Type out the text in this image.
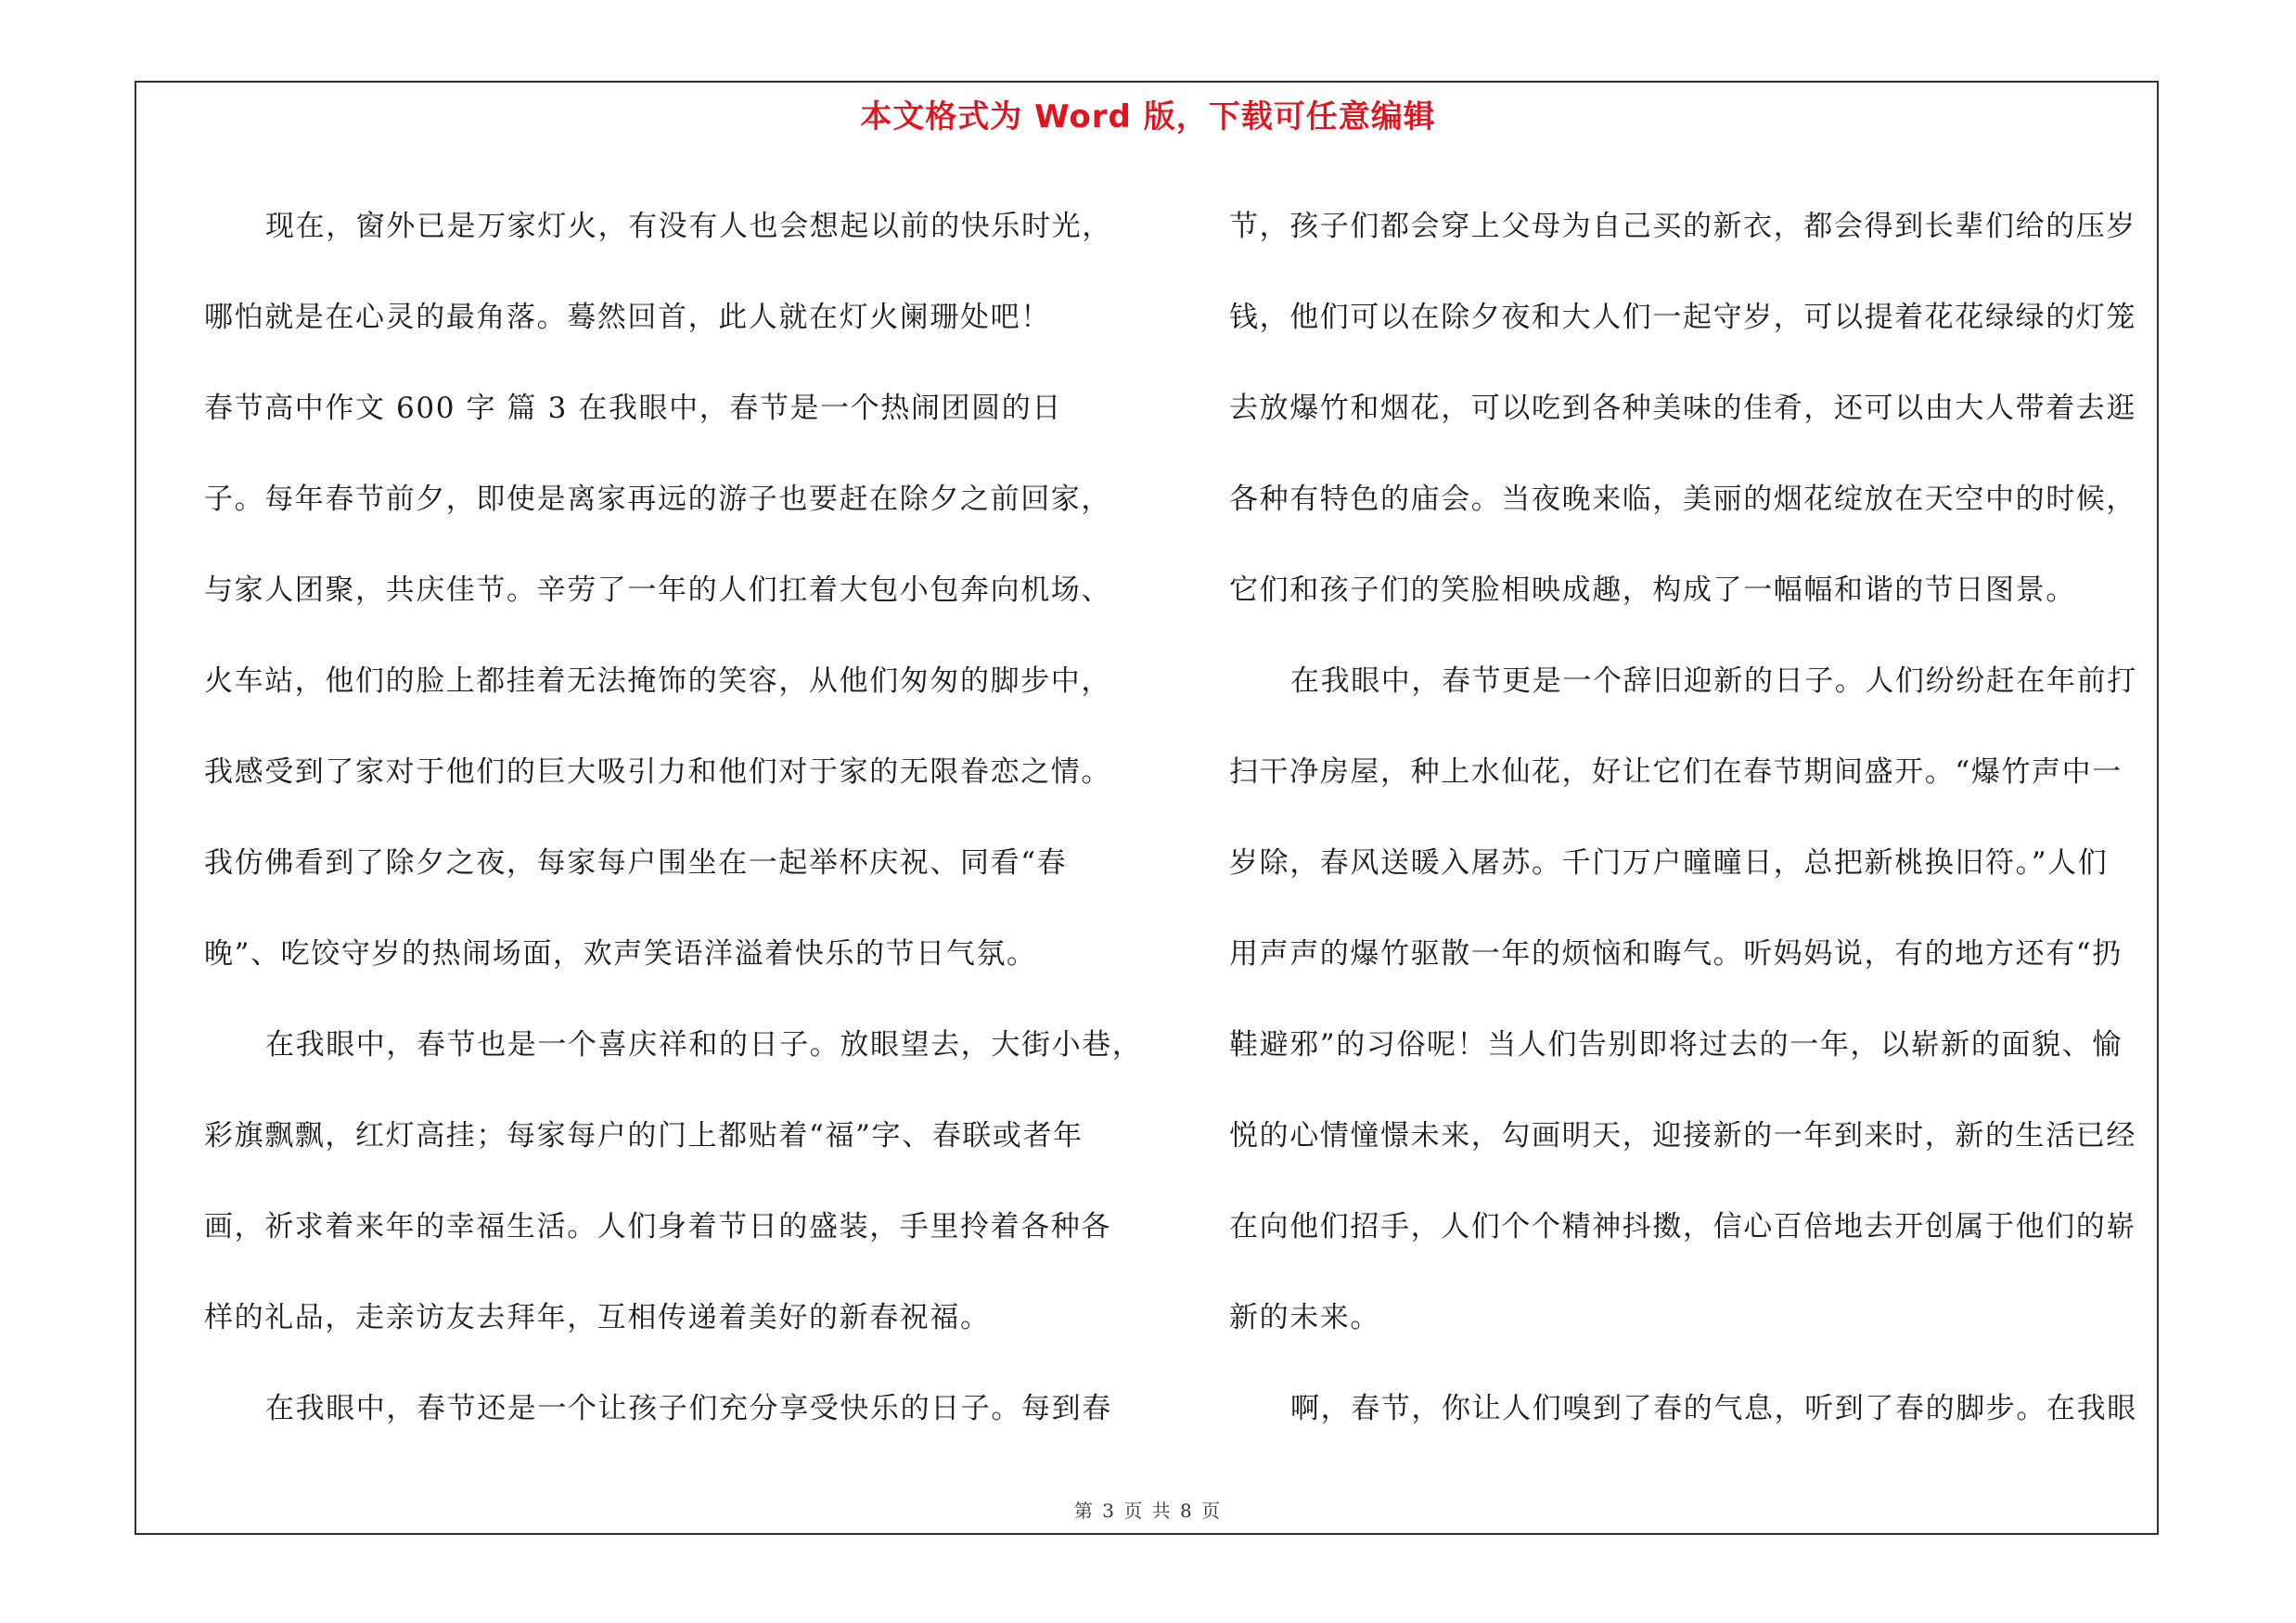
本文格式为 Word 版，下载可任意编辑
现在，窗外已是万家灯火，有没有人也会想起以前的快乐时光，
哪怕就是在心灵的最角落。蓦然回首，此人就在灯火阑珊处吧！
春节高中作文 600 字 篇 3 在我眼中，春节是一个热闹团圆的日
子。每年春节前夕，即使是离家再远的游子也要赶在除夕之前回家，
与家人团聚，共庆佳节。辛劳了一年的人们扛着大包小包奔向机场、
火车站，他们的脸上都挂着无法掩饰的笑容，从他们匆匆的脚步中，
我感受到了家对于他们的巨大吸引力和他们对于家的无限眷恋之情。
我仿佛看到了除夕之夜，每家每户围坐在一起举杯庆祝、同看“春
晚”、吃饺守岁的热闹场面，欢声笑语洋溢着快乐的节日气氛。
在我眼中，春节也是一个喜庆祥和的日子。放眼望去，大街小巷，
彩旗飘飘，红灯高挂；每家每户的门上都贴着“福”字、春联或者年
画，祈求着来年的幸福生活。人们身着节日的盛装，手里拎着各种各
样的礼品，走亲访友去拜年，互相传递着美好的新春祝福。
在我眼中，春节还是一个让孩子们充分享受快乐的日子。每到春
节，孩子们都会穿上父母为自己买的新衣，都会得到长辈们给的压岁
钱，他们可以在除夕夜和大人们一起守岁，可以提着花花绿绿的灯笼
去放爆竹和烟花，可以吃到各种美味的佳肴，还可以由大人带着去逛
各种有特色的庙会。当夜晚来临，美丽的烟花绽放在天空中的时候，
它们和孩子们的笑脸相映成趣，构成了一幅幅和谐的节日图景。
在我眼中，春节更是一个辞旧迎新的日子。人们纷纷赶在年前打
扫干净房屋，种上水仙花，好让它们在春节期间盛开。“爆竹声中一
岁除，春风送暖入屠苏。千门万户曈曈日，总把新桃换旧符。”人们
用声声的爆竹驱散一年的烦恼和晦气。听妈妈说，有的地方还有“扔
鞋避邪”的习俗呢！当人们告别即将过去的一年，以崭新的面貌、愉
悦的心情憧憬未来，勾画明天，迎接新的一年到来时，新的生活已经
在向他们招手，人们个个精神抖擞，信心百倍地去开创属于他们的崭
新的未来。
啊，春节，你让人们嗅到了春的气息，听到了春的脚步。在我眼
第 3 页 共 8 页
